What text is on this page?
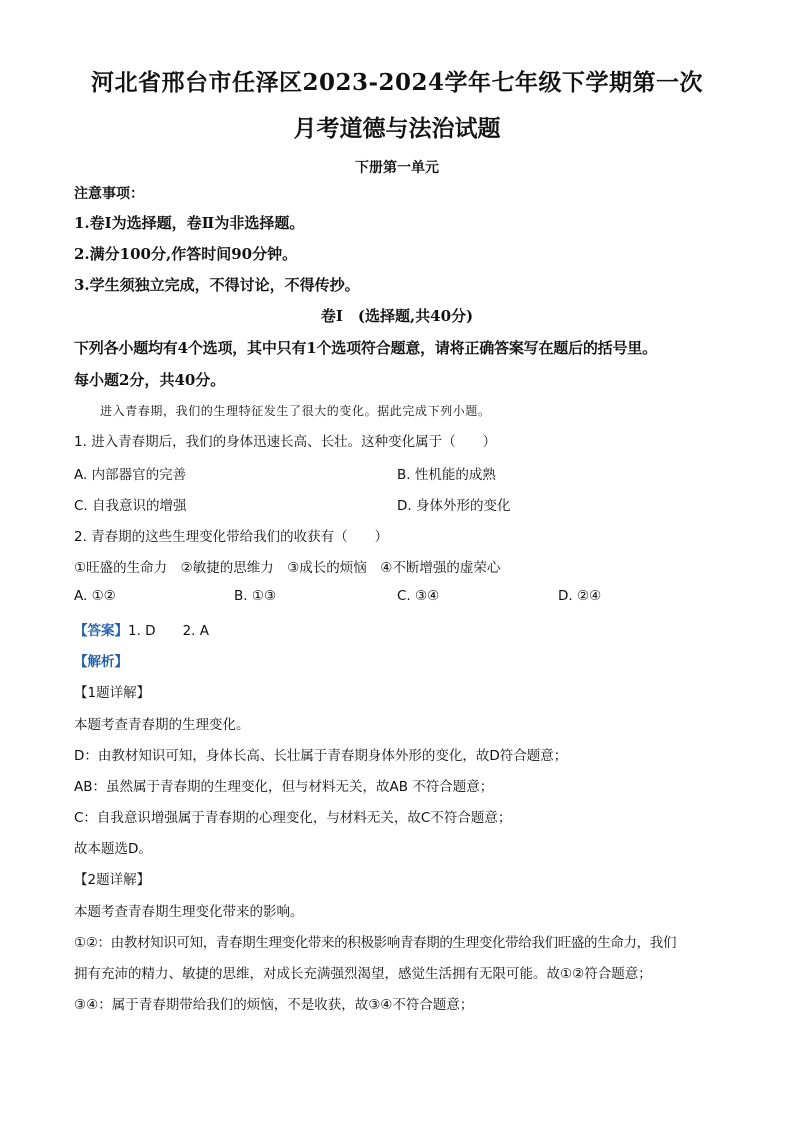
河北省邢台市任泽区2023-2024学年七年级下学期第一次
月考道德与法治试题
下册第一单元
注意事项：
1.卷Ⅰ为选择题，卷Ⅱ为非选择题。
2.满分100分,作答时间90分钟。
3.学生须独立完成，不得讨论，不得传抄。
卷Ⅰ　(选择题,共40分)
下列各小题均有4个选项，其中只有1个选项符合题意，请将正确答案写在题后的括号里。
每小题2分，共40分。
进入青春期，我们的生理特征发生了很大的变化。据此完成下列小题。
1. 进入青春期后，我们的身体迅速长高、长壮。这种变化属于（　　）
A. 内部器官的完善	B. 性机能的成熟
C. 自我意识的增强	D. 身体外形的变化
2. 青春期的这些生理变化带给我们的收获有（　　）
①旺盛的生命力　②敏捷的思维力　③成长的烦恼　④不断增强的虚荣心
A. ①②	B. ①③	C. ③④	D. ②④
【答案】1. D　　2. A
【解析】
【1题详解】
本题考查青春期的生理变化。
D：由教材知识可知，身体长高、长壮属于青春期身体外形的变化，故D符合题意；
AB：虽然属于青春期的生理变化，但与材料无关，故AB 不符合题意；
C：自我意识增强属于青春期的心理变化，与材料无关，故C不符合题意；
故本题选D。
【2题详解】
本题考查青春期生理变化带来的影响。
①②：由教材知识可知，青春期生理变化带来的积极影响青春期的生理变化带给我们旺盛的生命力，我们
拥有充沛的精力、敏捷的思维，对成长充满强烈渴望，感觉生活拥有无限可能。故①②符合题意；
③④：属于青春期带给我们的烦恼，不是收获，故③④不符合题意；
